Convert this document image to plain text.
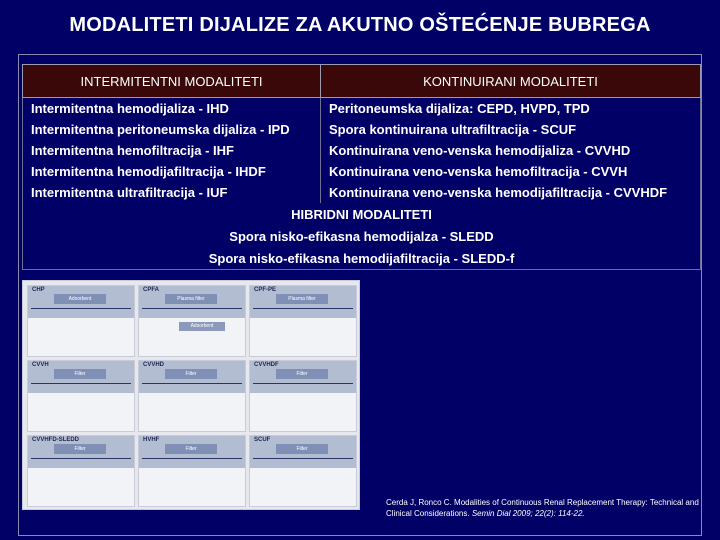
MODALITETI DIJALIZE ZA AKUTNO OŠTEĆENJE BUBREGA
INTERMITENTNI MODALITETI	KONTINUIRANI MODALITETI
Intermitentna hemodijaliza - IHD	Peritoneumska dijaliza: CEPD, HVPD, TPD
Intermitentna peritoneumska dijaliza - IPD	Spora kontinuirana ultrafiltracija - SCUF
Intermitentna hemofiltracija - IHF	Kontinuirana veno-venska hemodijaliza - CVVHD
Intermitentna hemodijafiltracija - IHDF	Kontinuirana veno-venska hemofiltracija - CVVH
Intermitentna ultrafiltracija - IUF	Kontinuirana veno-venska hemodijafiltracija - CVVHDF
HIBRIDNI MODALITETI	
Spora nisko-efikasna hemodijalza - SLEDD	
Spora nisko-efikasna hemodijafiltracija - SLEDD-f	
CHP
Adsorbent
CPFA
Plasma filter
Adsorbent
CPF-PE
Plasma filter
CVVH
Filter
CVVHD
Filter
CVVHDF
Filter
CVVHFD-SLEDD
Filter
HVHF
Filter
SCUF
Filter
Cerda J, Ronco C. Modalities of Continuous Renal Replacement Therapy: Technical and Clinical Considerations. Semin Dial 2009; 22(2): 114-22.
